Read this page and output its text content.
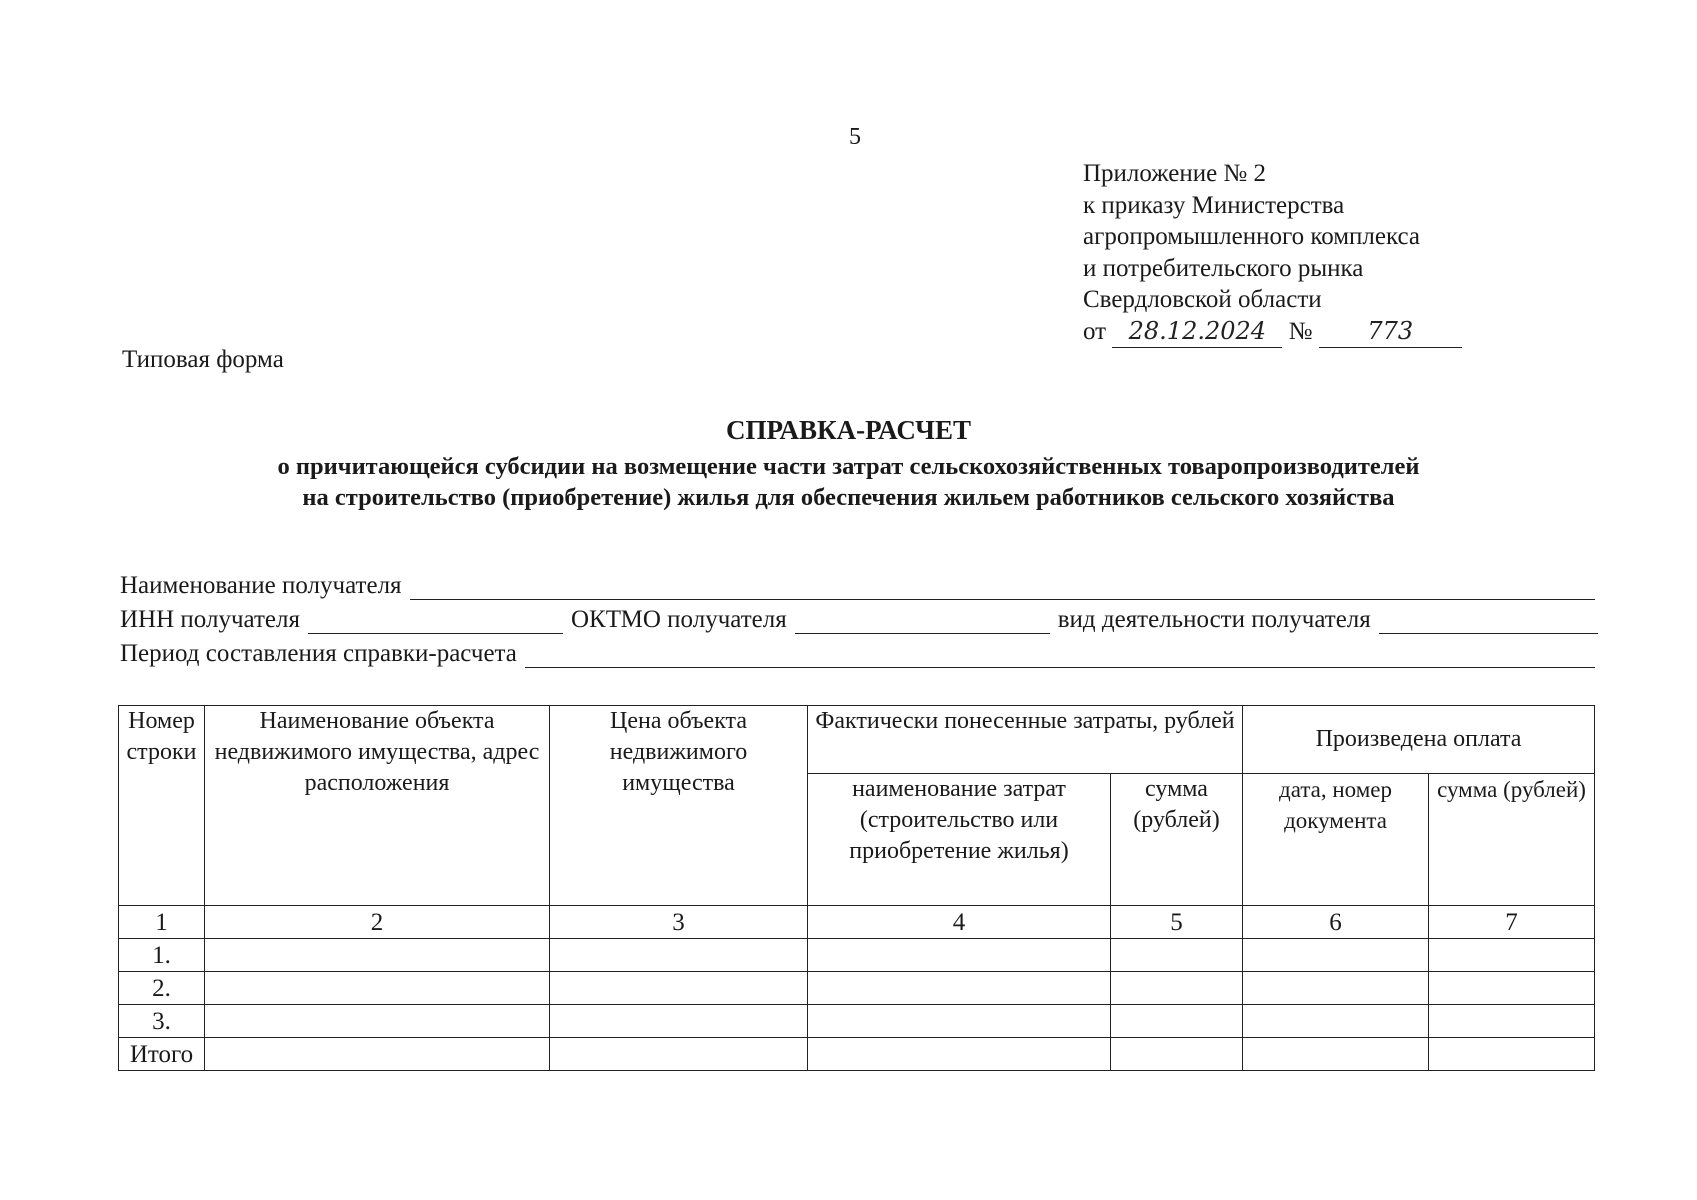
5
Приложение № 2
к приказу Министерства
агропромышленного комплекса
и потребительского рынка
Свердловской области
от 28.12.2024 № 773
Типовая форма
СПРАВКА-РАСЧЕТ
о причитающейся субсидии на возмещение части затрат сельскохозяйственных товаропроизводителей
на строительство (приобретение) жилья для обеспечения жильем работников сельского хозяйства
Наименование получателя
ИНН получателя	ОКТМО получателя	вид деятельности получателя
Период составления справки-расчета
Номер строки	Наименование объекта недвижимого имущества, адрес расположения	Цена объекта недвижимого имущества	Фактически понесенные затраты, рублей		Произведена оплата	
			наименование затрат (строительство или приобретение жилья)	сумма (рублей)	дата, номер документа	сумма (рублей)
1	2	3	4	5	6	7
1.						
2.						
3.						
Итого						
